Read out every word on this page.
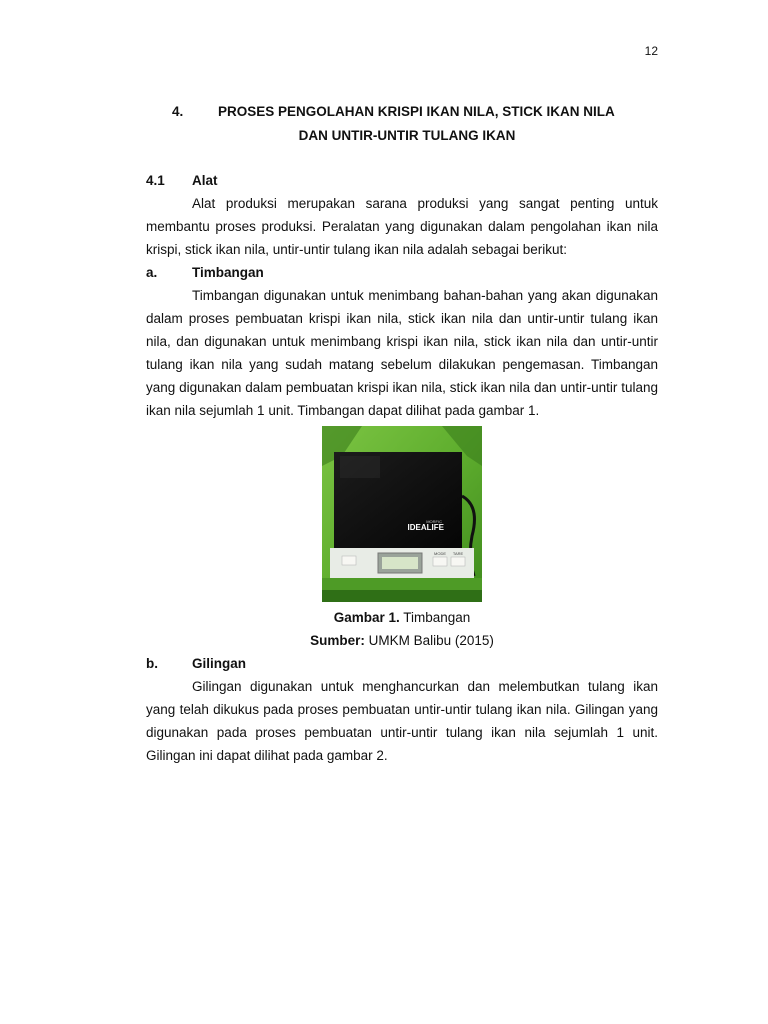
12
4.	PROSES PENGOLAHAN KRISPI IKAN NILA, STICK IKAN NILA
DAN UNTIR-UNTIR TULANG IKAN
4.1	Alat

Alat produksi merupakan sarana produksi yang sangat penting untuk membantu proses produksi. Peralatan yang digunakan dalam pengolahan ikan nila krispi, stick ikan nila, untir-untir tulang ikan nila adalah sebagai berikut:

a.	Timbangan

Timbangan digunakan untuk menimbang bahan-bahan yang akan digunakan dalam proses pembuatan krispi ikan nila, stick ikan nila dan untir-untir tulang ikan nila, dan digunakan untuk menimbang krispi ikan nila, stick ikan nila dan untir-untir tulang ikan nila yang sudah matang sebelum dilakukan pengemasan. Timbangan yang digunakan dalam pembuatan krispi ikan nila, stick ikan nila dan untir-untir tulang ikan nila sejumlah 1 unit. Timbangan dapat dilihat pada gambar 1.

MORFIC
IDEALIFE
MODE TARE
Gambar 1. Timbangan
Sumber: UMKM Balibu (2015)
b.	Gilingan

Gilingan digunakan untuk menghancurkan dan melembutkan tulang ikan yang telah dikukus pada proses pembuatan untir-untir tulang ikan nila. Gilingan yang digunakan pada proses pembuatan untir-untir tulang ikan nila sejumlah 1 unit. Gilingan ini dapat dilihat pada gambar 2.
